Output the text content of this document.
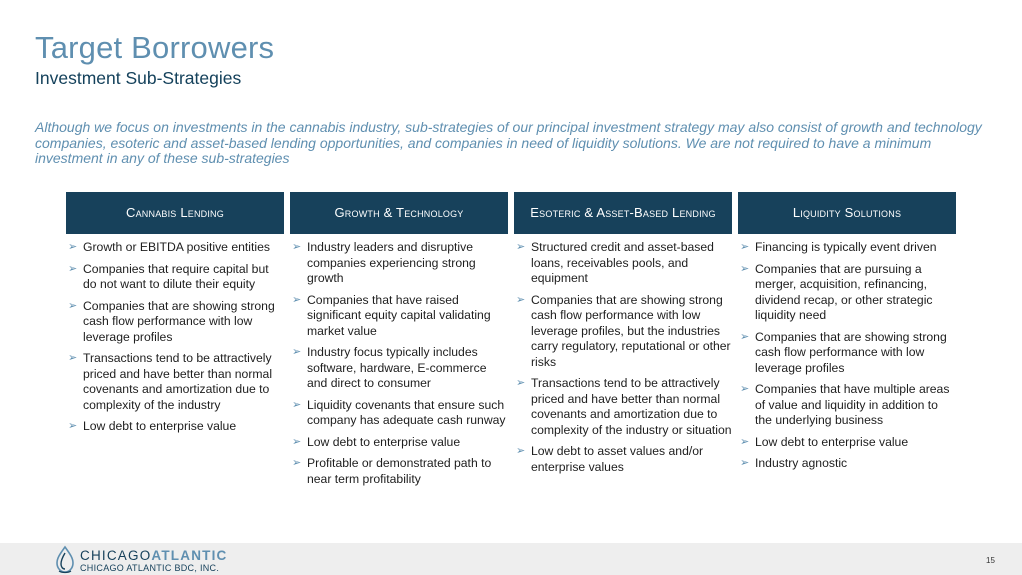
Target Borrowers
Investment Sub-Strategies
Although we focus on investments in the cannabis industry, sub-strategies of our principal investment strategy may also consist of growth and technology companies, esoteric and asset-based lending opportunities, and companies in need of liquidity solutions. We are not required to have a minimum investment in any of these sub-strategies
Cannabis Lending
➢ Growth or EBITDA positive entities
➢ Companies that require capital but do not want to dilute their equity
➢ Companies that are showing strong cash flow performance with low leverage profiles
➢ Transactions tend to be attractively priced and have better than normal covenants and amortization due to complexity of the industry
➢ Low debt to enterprise value
Growth & Technology
➢ Industry leaders and disruptive companies experiencing strong growth
➢ Companies that have raised significant equity capital validating market value
➢ Industry focus typically includes software, hardware, E-commerce and direct to consumer
➢ Liquidity covenants that ensure such company has adequate cash runway
➢ Low debt to enterprise value
➢ Profitable or demonstrated path to near term profitability
Esoteric & Asset-Based Lending
➢ Structured credit and asset-based loans, receivables pools, and equipment
➢ Companies that are showing strong cash flow performance with low leverage profiles, but the industries carry regulatory, reputational or other risks
➢ Transactions tend to be attractively priced and have better than normal covenants and amortization due to complexity of the industry or situation
➢ Low debt to asset values and/or enterprise values
Liquidity Solutions
➢ Financing is typically event driven
➢ Companies that are pursuing a merger, acquisition, refinancing, dividend recap, or other strategic liquidity need
➢ Companies that are showing strong cash flow performance with low leverage profiles
➢ Companies that have multiple areas of value and liquidity in addition to the underlying business
➢ Low debt to enterprise value
➢ Industry agnostic
CHICAGOATLANTIC
CHICAGO ATLANTIC BDC, INC.
15
